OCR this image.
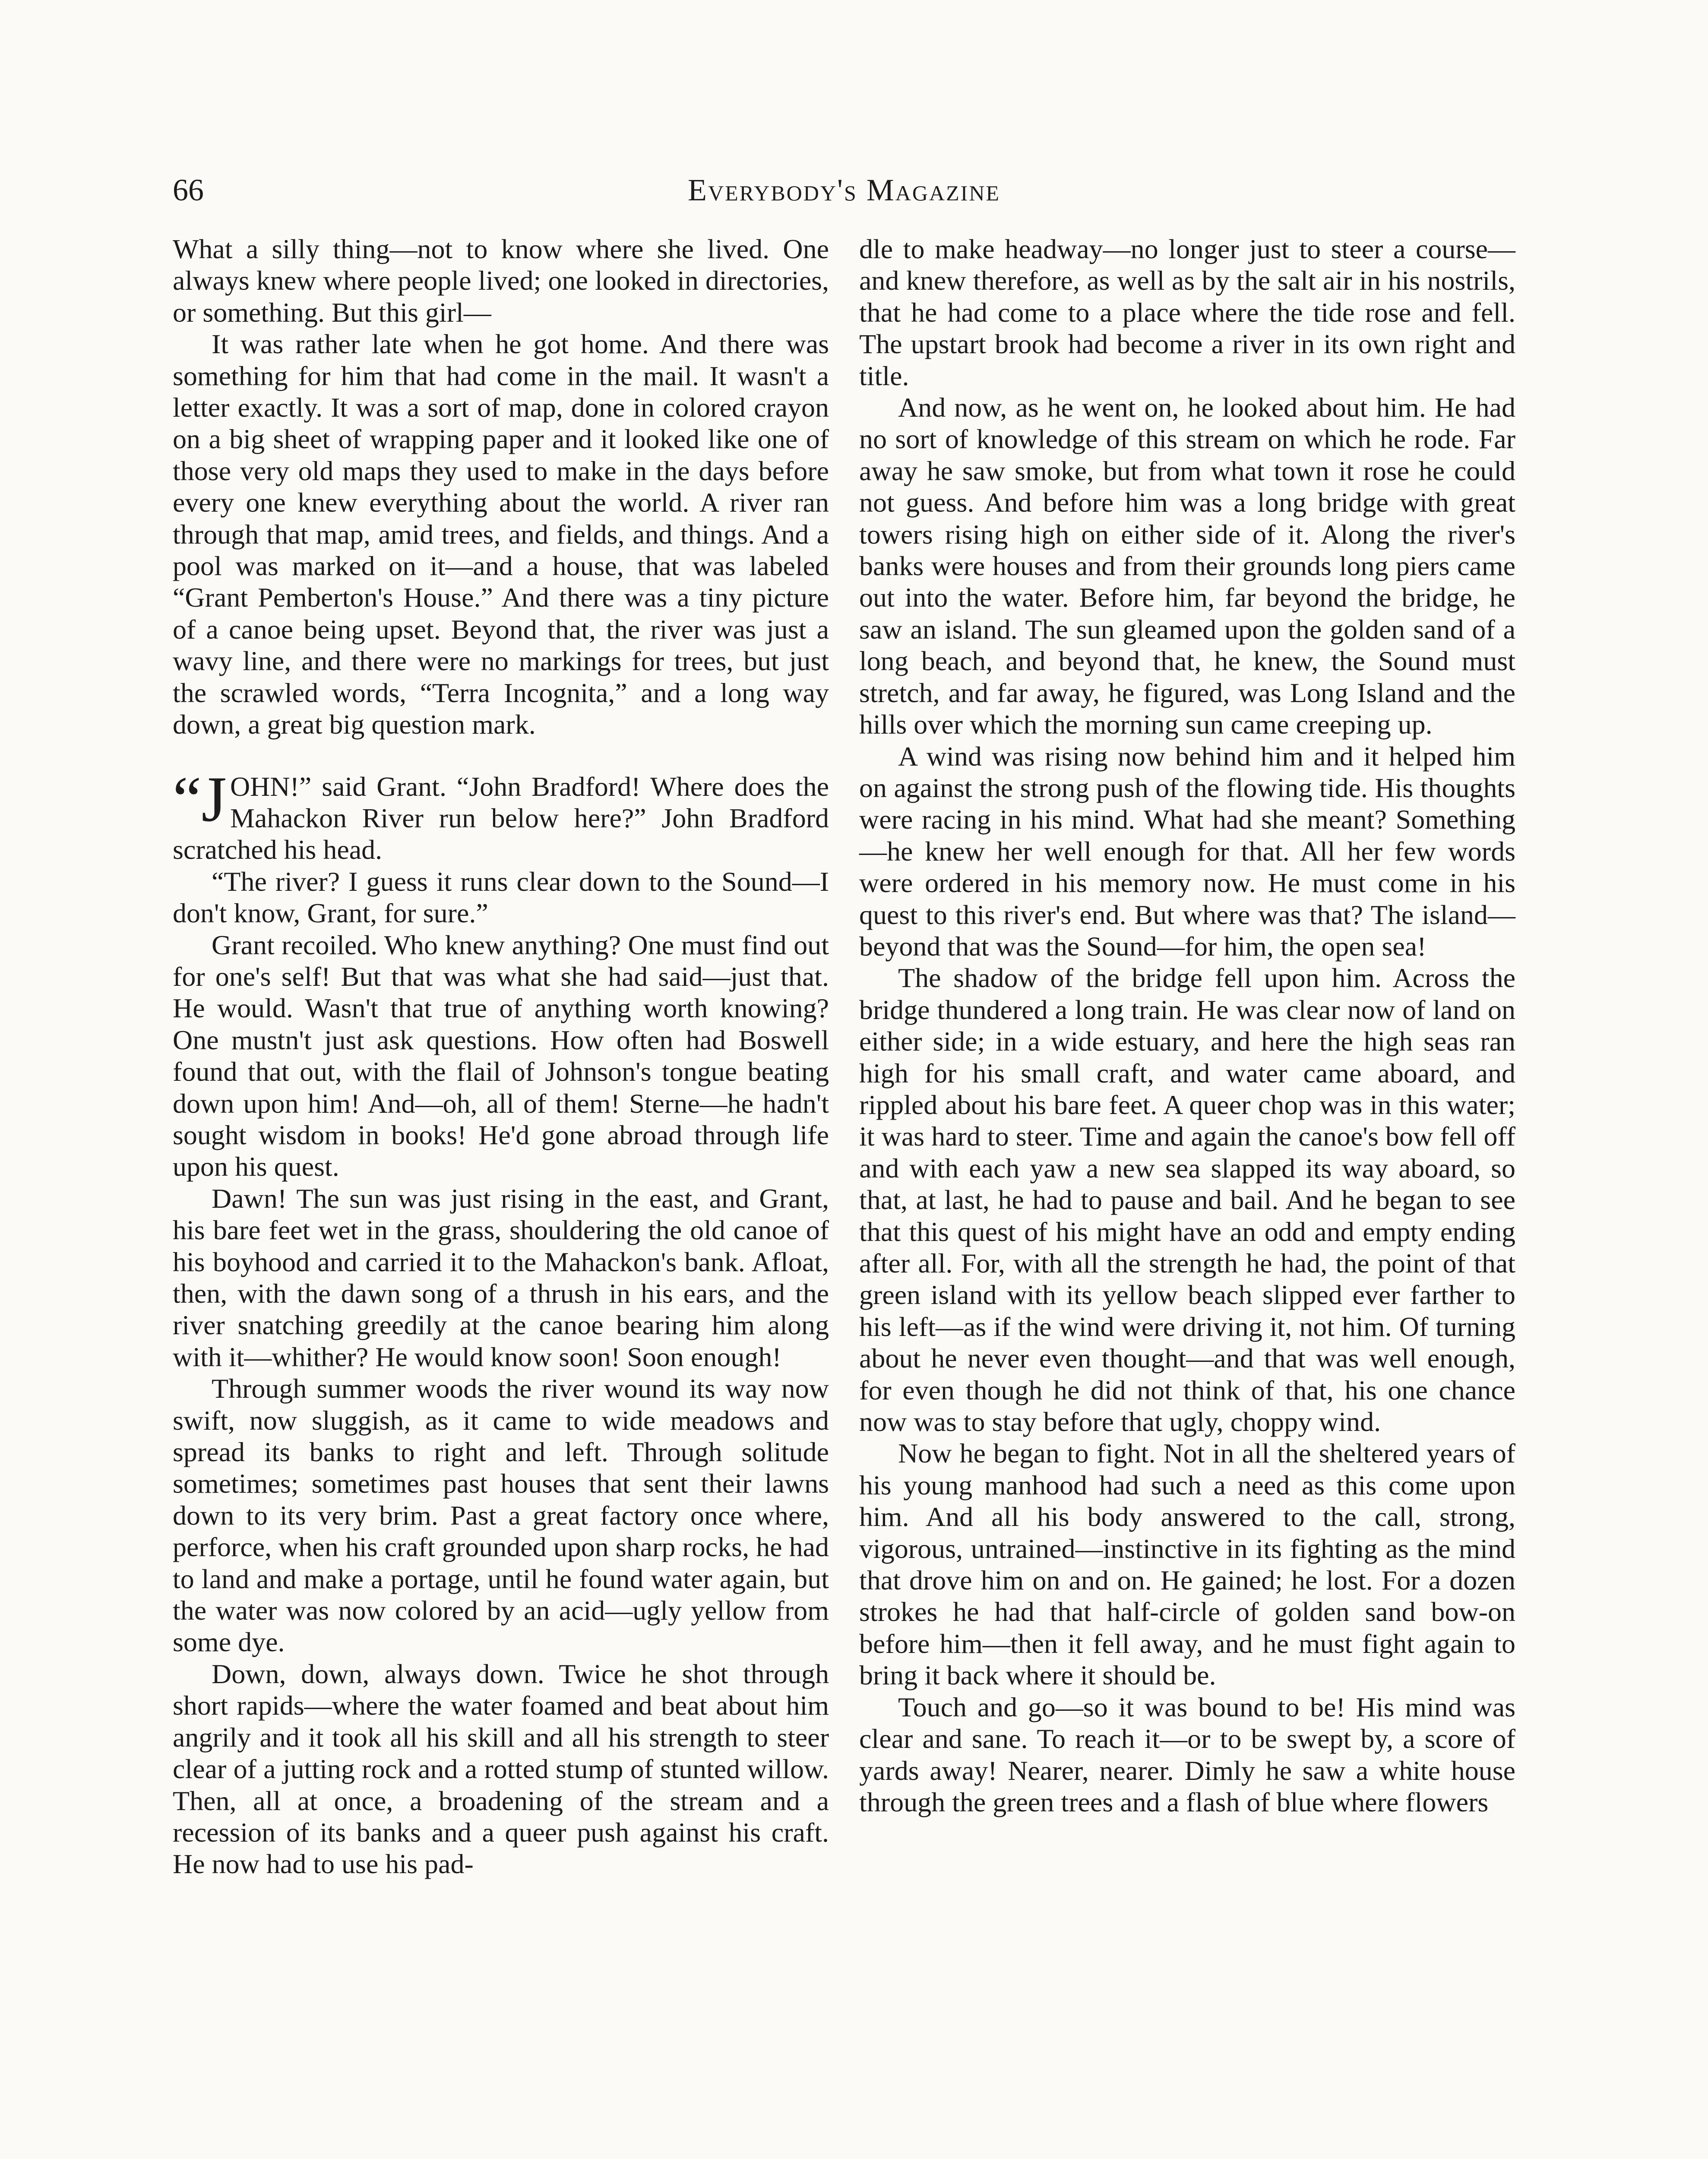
66	Everybody's Magazine

What a silly thing—not to know where she lived. One always knew where people lived; one looked in directories, or something. But this girl—

It was rather late when he got home. And there was something for him that had come in the mail. It wasn't a letter exactly. It was a sort of map, done in colored crayon on a big sheet of wrapping paper and it looked like one of those very old maps they used to make in the days before every one knew everything about the world. A river ran through that map, amid trees, and fields, and things. And a pool was marked on it—and a house, that was labeled “Grant Pemberton's House.” And there was a tiny picture of a canoe being upset. Beyond that, the river was just a wavy line, and there were no markings for trees, but just the scrawled words, “Terra Incognita,” and a long way down, a great big question mark.

“JOHN!” said Grant. “John Bradford! Where does the Mahackon River run below here?” John Bradford scratched his head.

“The river? I guess it runs clear down to the Sound—I don't know, Grant, for sure.”

Grant recoiled. Who knew anything? One must find out for one's self! But that was what she had said—just that. He would. Wasn't that true of anything worth knowing? One mustn't just ask questions. How often had Boswell found that out, with the flail of Johnson's tongue beating down upon him! And—oh, all of them! Sterne—he hadn't sought wisdom in books! He'd gone abroad through life upon his quest.

Dawn! The sun was just rising in the east, and Grant, his bare feet wet in the grass, shouldering the old canoe of his boyhood and carried it to the Mahackon's bank. Afloat, then, with the dawn song of a thrush in his ears, and the river snatching greedily at the canoe bearing him along with it—whither? He would know soon! Soon enough!

Through summer woods the river wound its way now swift, now sluggish, as it came to wide meadows and spread its banks to right and left. Through solitude sometimes; sometimes past houses that sent their lawns down to its very brim. Past a great factory once where, perforce, when his craft grounded upon sharp rocks, he had to land and make a portage, until he found water again, but the water was now colored by an acid—ugly yellow from some dye.

Down, down, always down. Twice he shot through short rapids—where the water foamed and beat about him angrily and it took all his skill and all his strength to steer clear of a jutting rock and a rotted stump of stunted willow. Then, all at once, a broadening of the stream and a recession of its banks and a queer push against his craft. He now had to use his pad-

dle to make headway—no longer just to steer a course—and knew therefore, as well as by the salt air in his nostrils, that he had come to a place where the tide rose and fell. The upstart brook had become a river in its own right and title.

And now, as he went on, he looked about him. He had no sort of knowledge of this stream on which he rode. Far away he saw smoke, but from what town it rose he could not guess. And before him was a long bridge with great towers rising high on either side of it. Along the river's banks were houses and from their grounds long piers came out into the water. Before him, far beyond the bridge, he saw an island. The sun gleamed upon the golden sand of a long beach, and beyond that, he knew, the Sound must stretch, and far away, he figured, was Long Island and the hills over which the morning sun came creeping up.

A wind was rising now behind him and it helped him on against the strong push of the flowing tide. His thoughts were racing in his mind. What had she meant? Something—he knew her well enough for that. All her few words were ordered in his memory now. He must come in his quest to this river's end. But where was that? The island—beyond that was the Sound—for him, the open sea!

The shadow of the bridge fell upon him. Across the bridge thundered a long train. He was clear now of land on either side; in a wide estuary, and here the high seas ran high for his small craft, and water came aboard, and rippled about his bare feet. A queer chop was in this water; it was hard to steer. Time and again the canoe's bow fell off and with each yaw a new sea slapped its way aboard, so that, at last, he had to pause and bail. And he began to see that this quest of his might have an odd and empty ending after all. For, with all the strength he had, the point of that green island with its yellow beach slipped ever farther to his left—as if the wind were driving it, not him. Of turning about he never even thought—and that was well enough, for even though he did not think of that, his one chance now was to stay before that ugly, choppy wind.

Now he began to fight. Not in all the sheltered years of his young manhood had such a need as this come upon him. And all his body answered to the call, strong, vigorous, untrained—instinctive in its fighting as the mind that drove him on and on. He gained; he lost. For a dozen strokes he had that half-circle of golden sand bow-on before him—then it fell away, and he must fight again to bring it back where it should be.

Touch and go—so it was bound to be! His mind was clear and sane. To reach it—or to be swept by, a score of yards away! Nearer, nearer. Dimly he saw a white house through the green trees and a flash of blue where flowers
